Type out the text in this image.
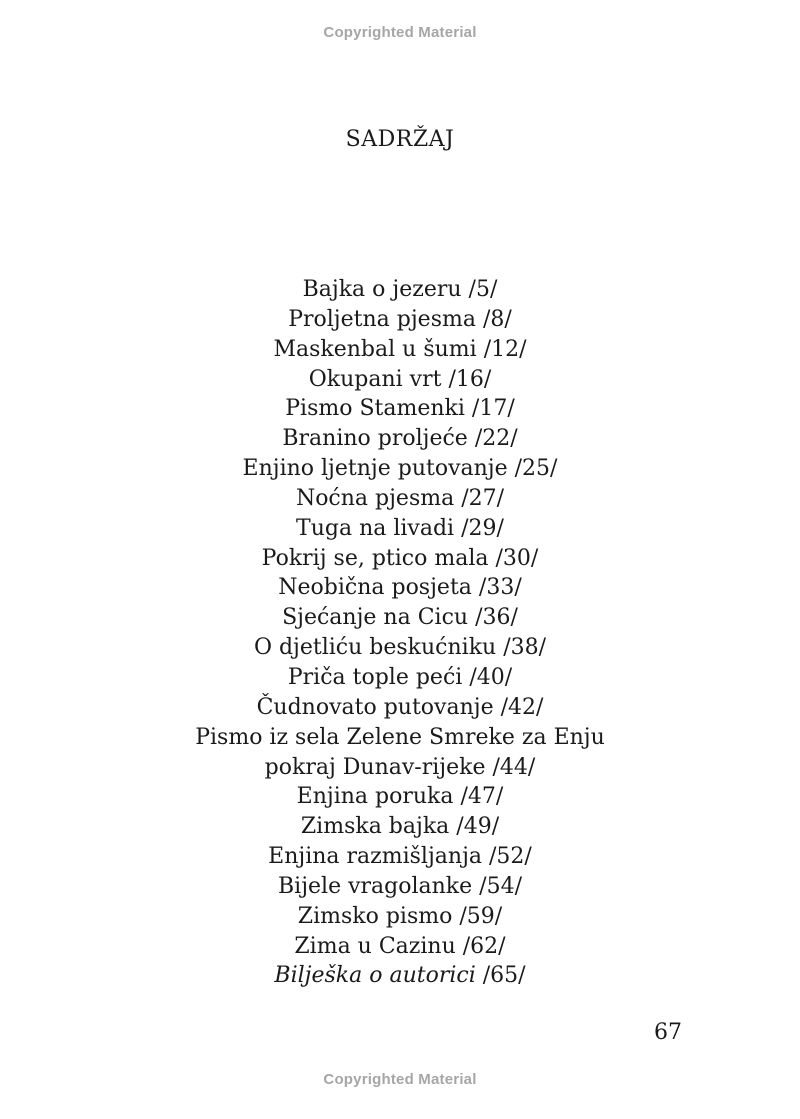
Copyrighted Material
SADRŽAJ
Bajka o jezeru /5/
Proljetna pjesma /8/
Maskenbal u šumi /12/
Okupani vrt /16/
Pismo Stamenki /17/
Branino proljeće /22/
Enjino ljetnje putovanje /25/
Noćna pjesma /27/
Tuga na livadi /29/
Pokrij se, ptico mala /30/
Neobična posjeta /33/
Sjećanje na Cicu /36/
O djetliću beskućniku /38/
Priča tople peći /40/
Čudnovato putovanje /42/
Pismo iz sela Zelene Smreke za Enju
pokraj Dunav-rijeke /44/
Enjina poruka /47/
Zimska bajka /49/
Enjina razmišljanja /52/
Bijele vragolanke /54/
Zimsko pismo /59/
Zima u Cazinu /62/
Bilješka o autorici /65/
67
Copyrighted Material
